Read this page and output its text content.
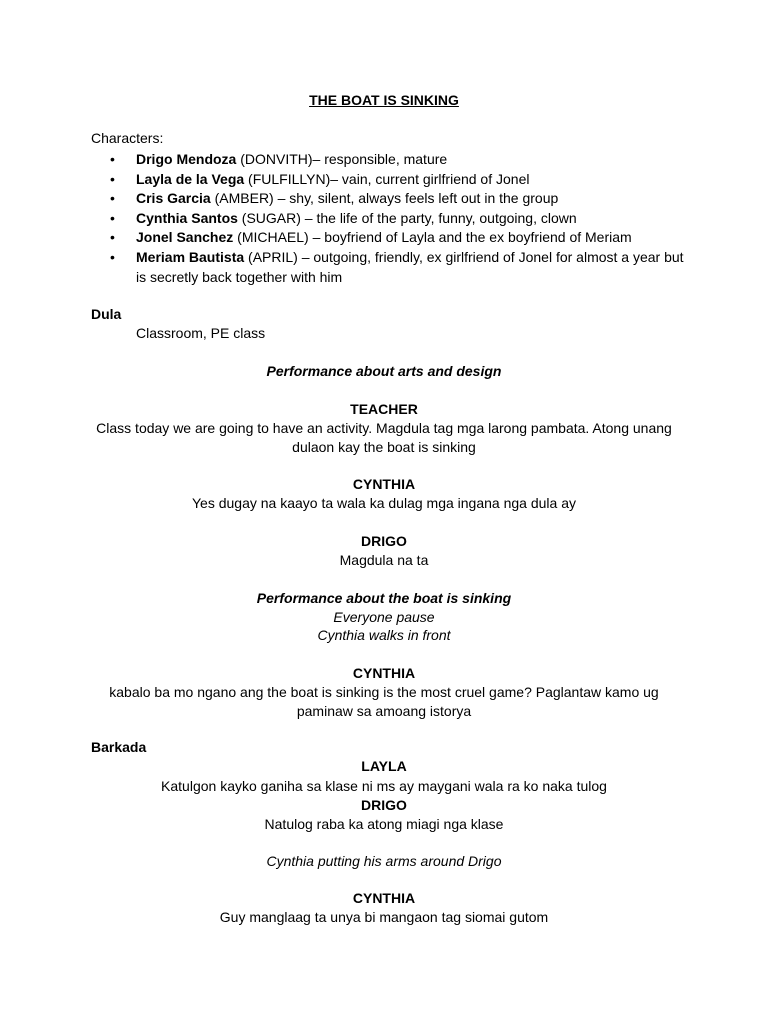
THE BOAT IS SINKING
Characters:
• Drigo Mendoza (DONVITH)– responsible, mature
• Layla de la Vega (FULFILLYN)– vain, current girlfriend of Jonel
• Cris Garcia (AMBER) – shy, silent, always feels left out in the group
• Cynthia Santos (SUGAR) – the life of the party, funny, outgoing, clown
• Jonel Sanchez (MICHAEL) – boyfriend of Layla and the ex boyfriend of Meriam
• Meriam Bautista (APRIL) – outgoing, friendly, ex girlfriend of Jonel for almost a year but is secretly back together with him
Dula
Classroom, PE class
Performance about arts and design
TEACHER
Class today we are going to have an activity. Magdula tag mga larong pambata. Atong unang
dulaon kay the boat is sinking
CYNTHIA
Yes dugay na kaayo ta wala ka dulag mga ingana nga dula ay
DRIGO
Magdula na ta
Performance about the boat is sinking
Everyone pause
Cynthia walks in front
CYNTHIA
kabalo ba mo ngano ang the boat is sinking is the most cruel game? Paglantaw kamo ug
paminaw sa amoang istorya
Barkada
LAYLA
Katulgon kayko ganiha sa klase ni ms ay maygani wala ra ko naka tulog
DRIGO
Natulog raba ka atong miagi nga klase
Cynthia putting his arms around Drigo
CYNTHIA
Guy manglaag ta unya bi mangaon tag siomai gutom
